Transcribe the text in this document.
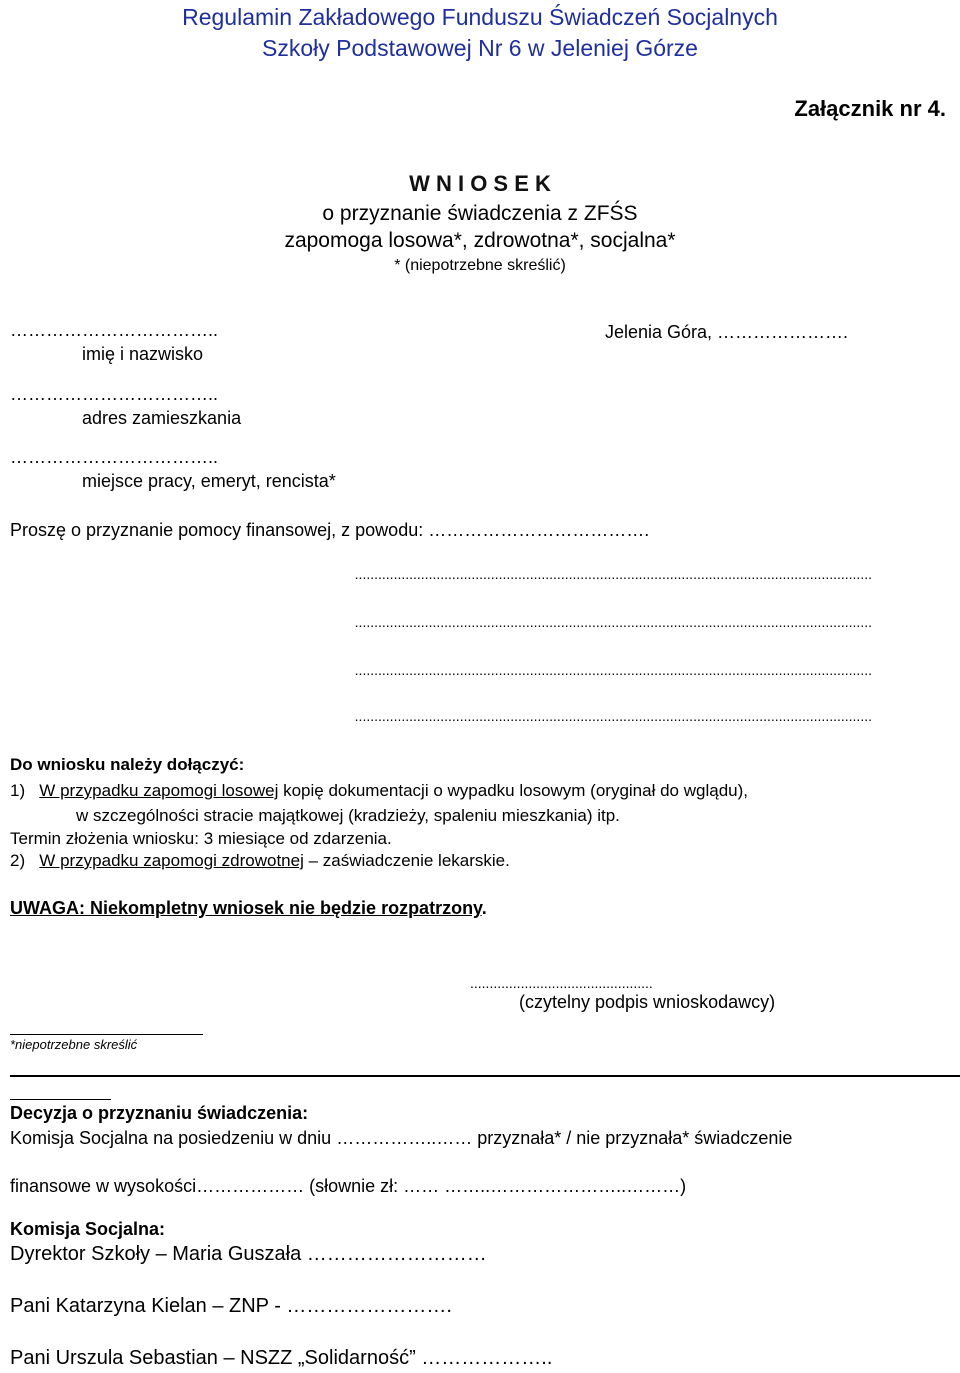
Regulamin Zakładowego Funduszu Świadczeń Socjalnych
Szkoły Podstawowej Nr 6 w Jeleniej Górze
Załącznik nr 4.
W N I O S E K
o przyznanie świadczenia z ZFŚS
zapomoga losowa*, zdrowotna*, socjalna*
* (niepotrzebne skreślić)
……………………………..
imię i nazwisko
Jelenia Góra, ………………….
……………………………..
adres zamieszkania
……………………………..
miejsce pracy, emeryt, rencista*
Proszę o przyznanie pomocy finansowej, z powodu: ……………………………….
.....................................................................................................................................
.....................................................................................................................................
.....................................................................................................................................
.....................................................................................................................................
Do wniosku należy dołączyć:
1) W przypadku zapomogi losowej kopię dokumentacji o wypadku losowym (oryginał do wglądu),
w szczególności stracie majątkowej (kradzieży, spaleniu mieszkania) itp.
Termin złożenia wniosku: 3 miesiące od zdarzenia.
2) W przypadku zapomogi zdrowotnej – zaświadczenie lekarskie.
UWAGA: Niekompletny wniosek nie będzie rozpatrzony.
...............................................
(czytelny podpis wnioskodawcy)
*niepotrzebne skreślić
Decyzja o przyznaniu świadczenia:
Komisja Socjalna na posiedzeniu w dniu ……………..…… przyznała* / nie przyznała* świadczenie
finansowe w wysokości……………… (słownie zł: …… ……..…………………..………)
Komisja Socjalna:
Dyrektor Szkoły – Maria Guszała ………………………
Pani Katarzyna Kielan – ZNP - …………………….
Pani Urszula Sebastian – NSZZ „Solidarność” ………………..
